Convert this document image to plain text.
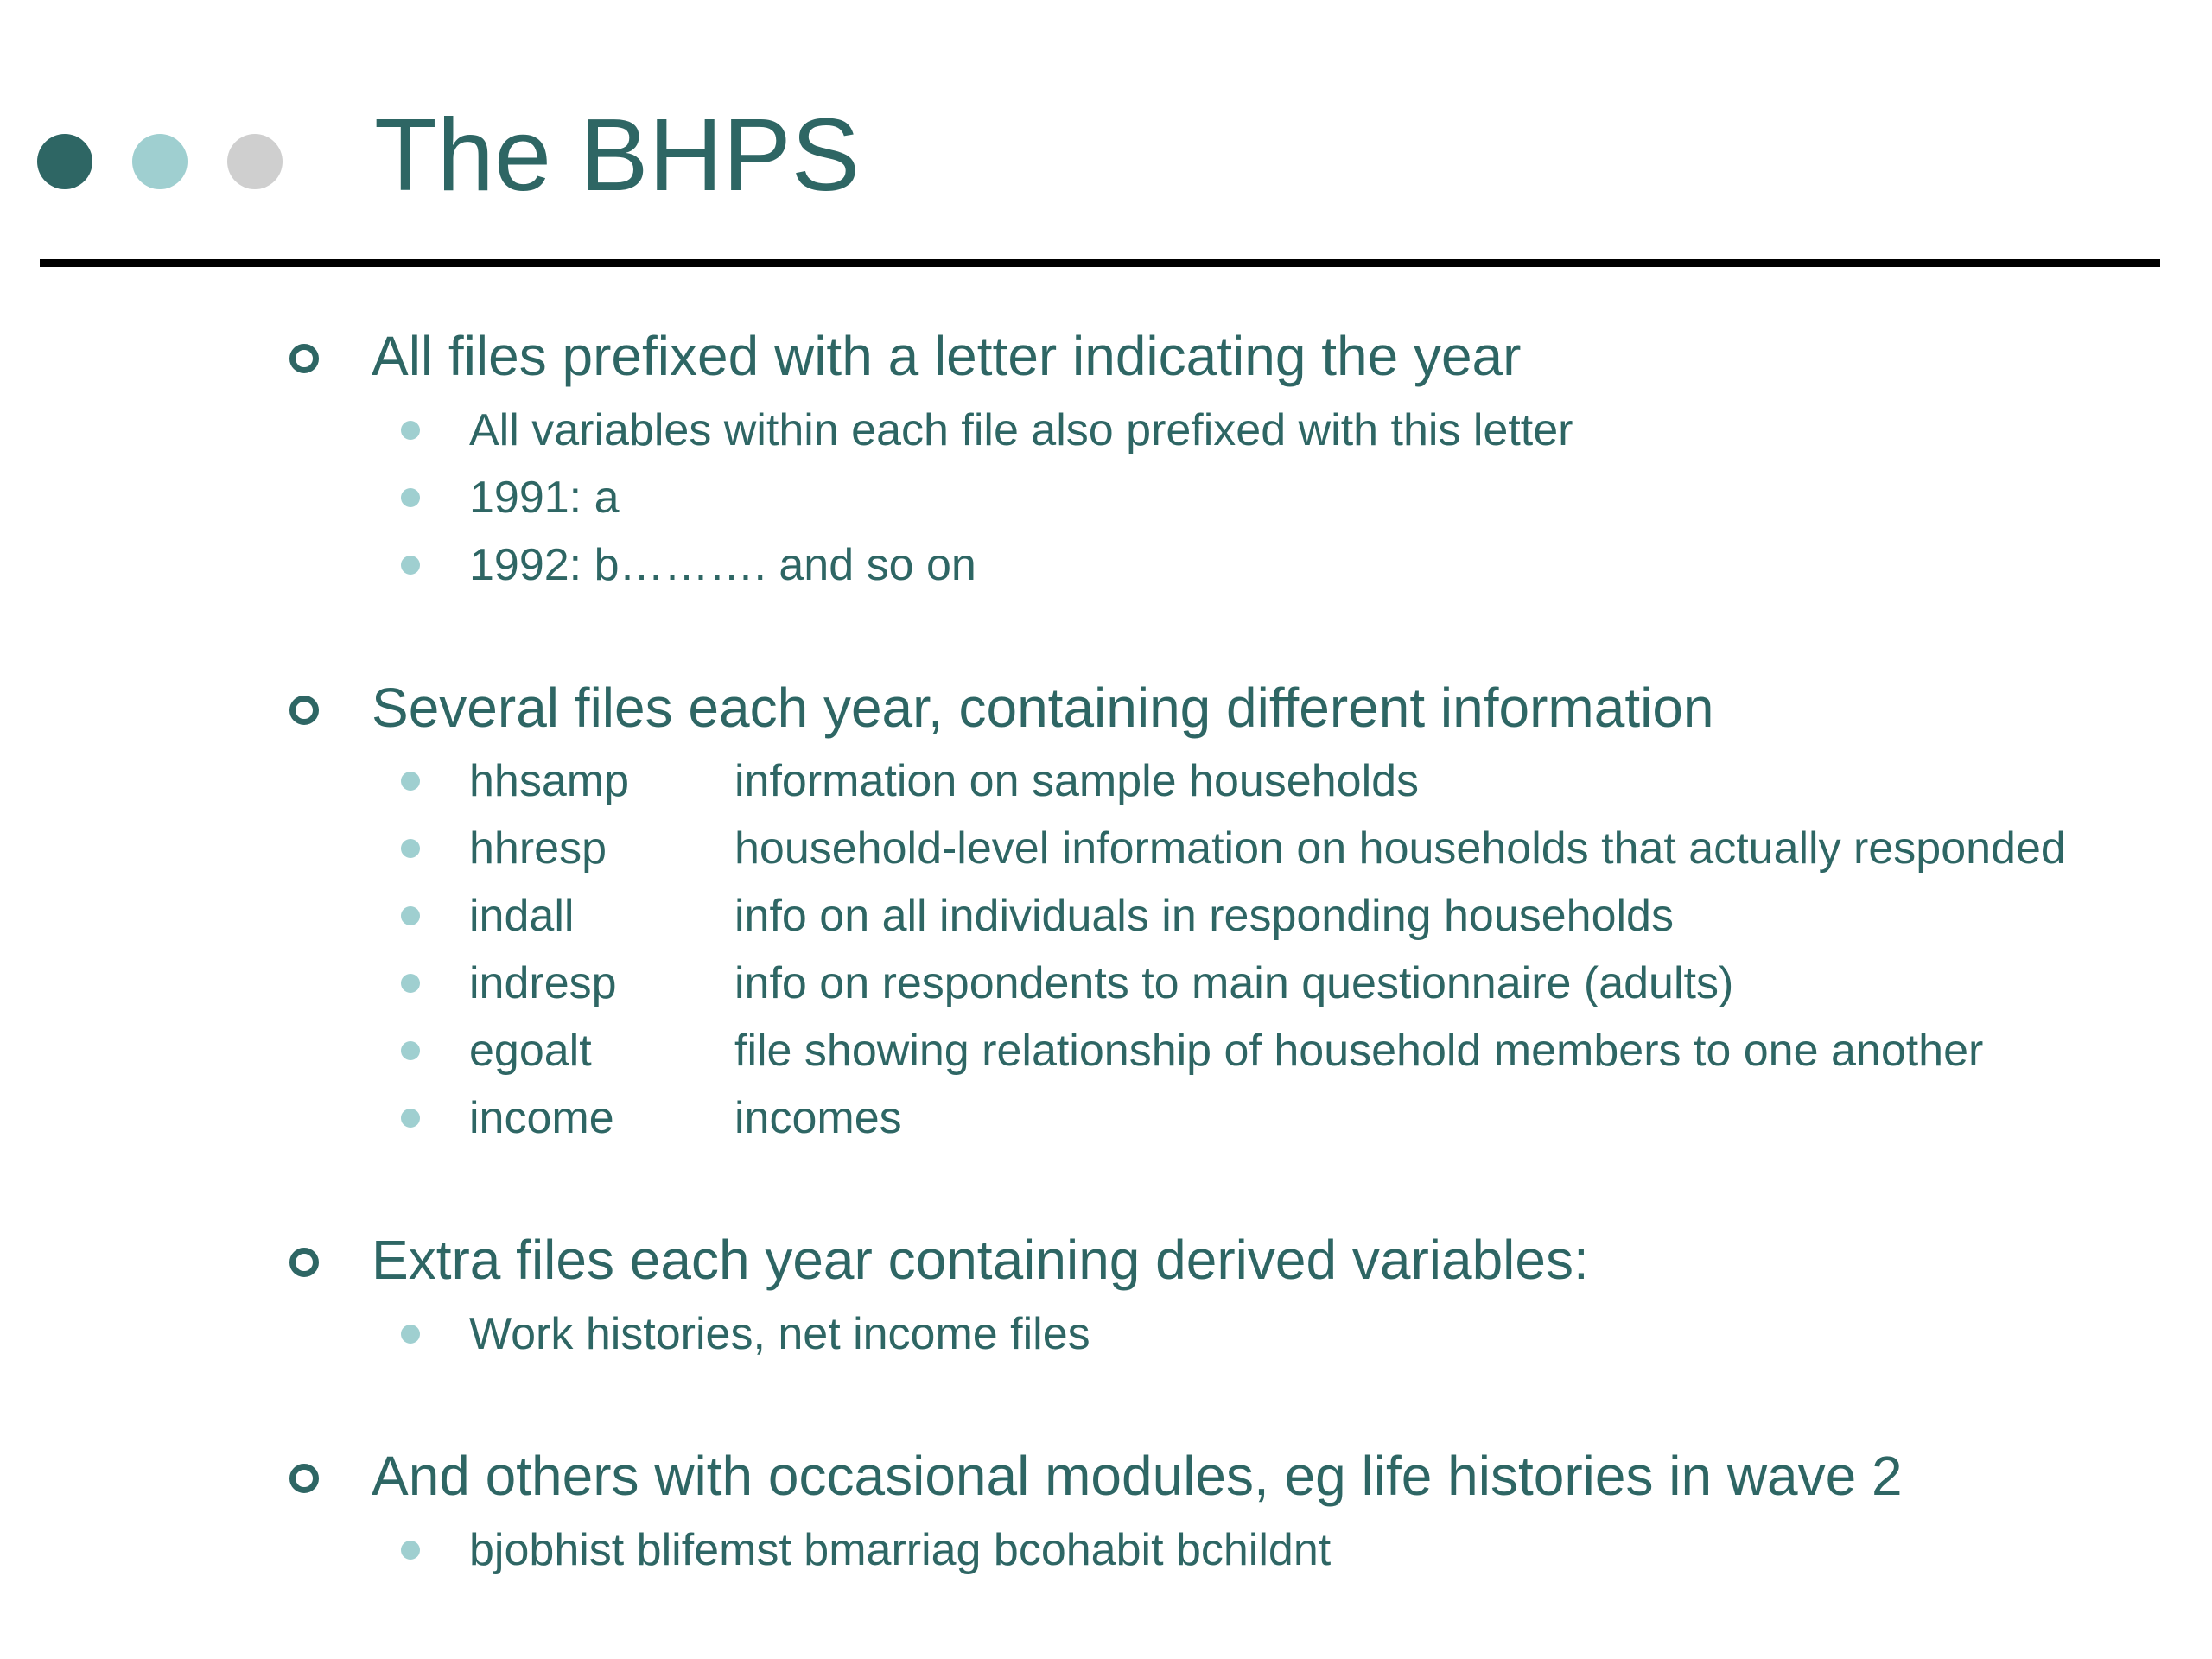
The BHPS
All files prefixed with a letter indicating the year
All variables within each file also prefixed with this letter
1991: a
1992: b………. and so on
Several files each year, containing different information
hhsamp information on sample households
hhresp	household-level information on households that actually responded
indall	info on all individuals in responding households
indresp	info on respondents to main questionnaire (adults)
egoalt	file showing relationship of household members to one another
income	incomes
Extra files each year containing derived variables:
Work histories, net income files
And others with occasional modules, eg life histories in wave 2
bjobhist blifemst bmarriag bcohabit bchildnt
